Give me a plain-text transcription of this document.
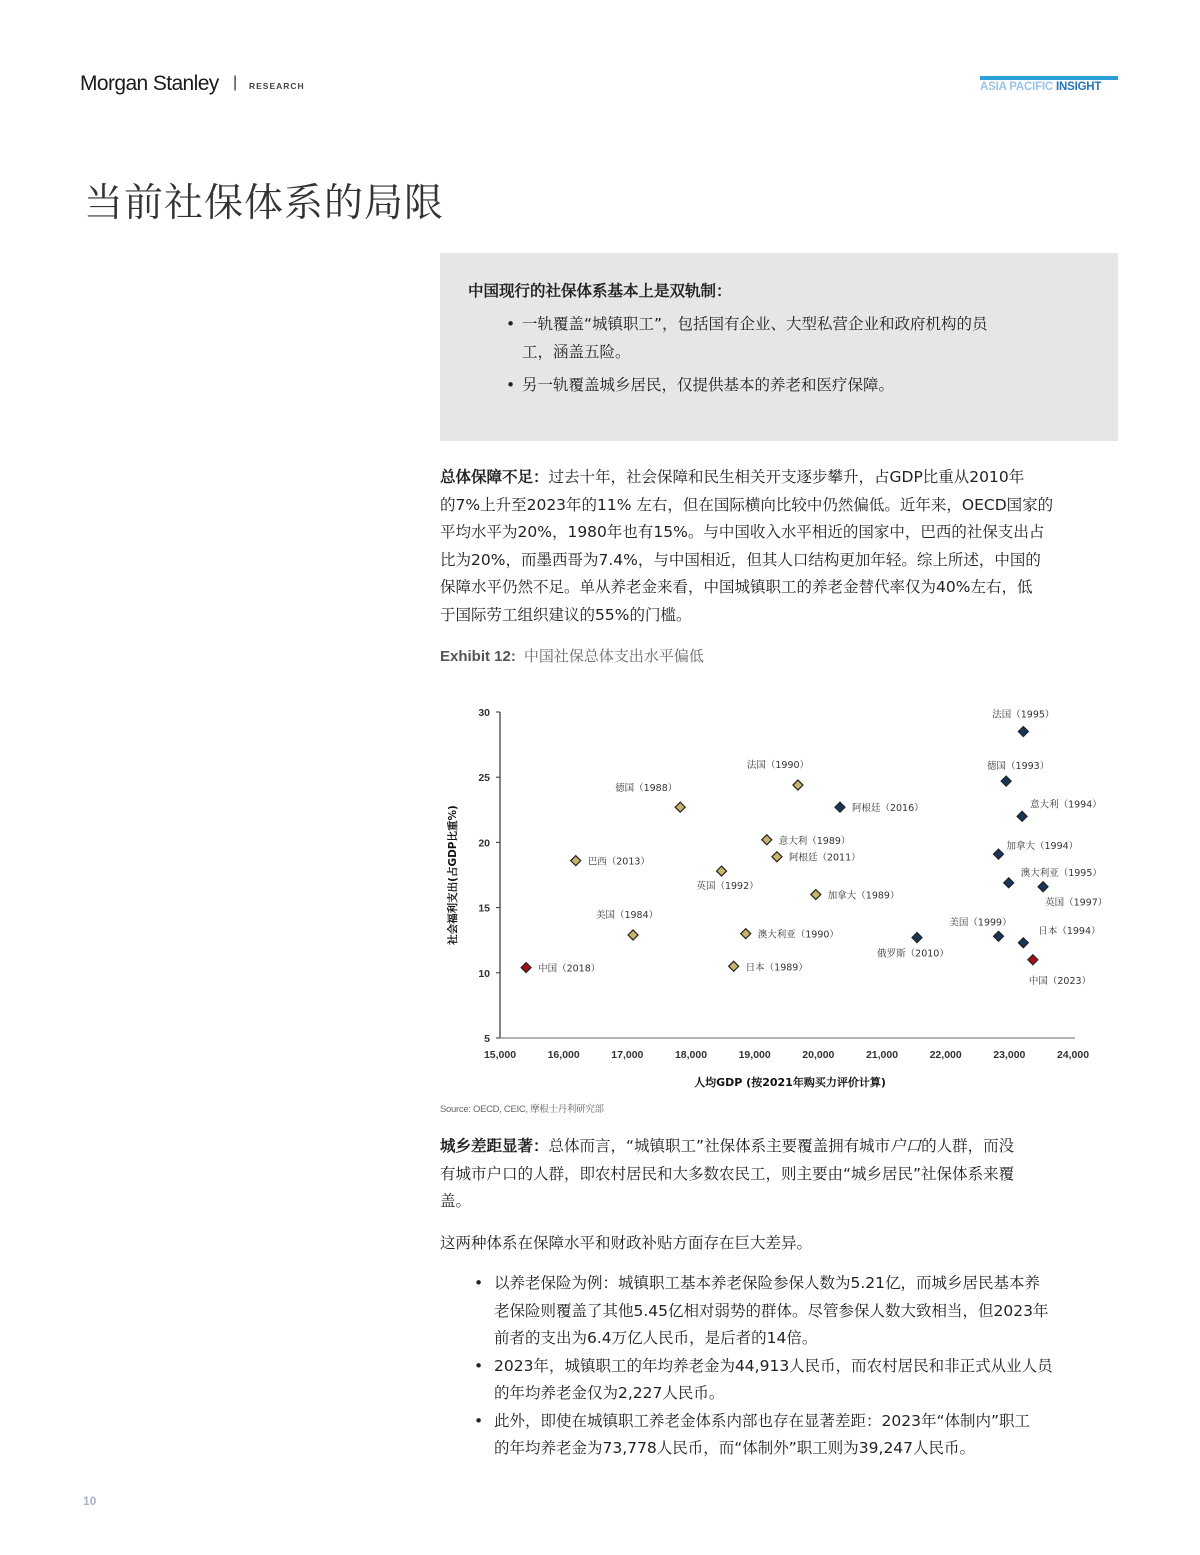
Morgan Stanley | RESEARCH	ASIA PACIFIC INSIGHT
当前社保体系的局限
中国现行的社保体系基本上是双轨制：
• 一轨覆盖“城镇职工”，包括国有企业、大型私营企业和政府机构的员
工，涵盖五险。
• 另一轨覆盖城乡居民，仅提供基本的养老和医疗保障。
总体保障不足：过去十年，社会保障和民生相关开支逐步攀升，占GDP比重从2010年
的7%上升至2023年的11% 左右，但在国际横向比较中仍然偏低。近年来，OECD国家的
平均水平为20%，1980年也有15%。与中国收入水平相近的国家中，巴西的社保支出占
比为20%，而墨西哥为7.4%，与中国相近，但其人口结构更加年轻。综上所述，中国的
保障水平仍然不足。单从养老金来看，中国城镇职工的养老金替代率仅为40%左右，低
于国际劳工组织建议的55%的门槛。
Exhibit 12: 中国社保总体支出水平偏低
5
10
15
20
25
30
15,000	16,000	17,000	18,000	19,000	20,000	21,000	22,000	23,000	24,000
巴西（2013）
美国（1984）
德国（1988）
英国（1992）
日本（1989）
澳大利亚（1990）
意大利（1989）
阿根廷（2011）
法国（1990）
加拿大（1989）
阿根廷（2016）
俄罗斯（2010）
美国（1999）
加拿大（1994）
德国（1993）
澳大利亚（1995）
意大利（1994）
法国（1995）
日本（1994）
英国（1997）
中国（2018）
中国（2023）
人均GDP (按2021年购买力评价计算)
社会福利支出(占GDP比重%)
Source: OECD, CEIC, 摩根士丹利研究部
城乡差距显著：总体而言，“城镇职工”社保体系主要覆盖拥有城市户口的人群，而没
有城市户口的人群，即农村居民和大多数农民工，则主要由“城乡居民”社保体系来覆
盖。
这两种体系在保障水平和财政补贴方面存在巨大差异。
• 以养老保险为例：城镇职工基本养老保险参保人数为5.21亿，而城乡居民基本养
老保险则覆盖了其他5.45亿相对弱势的群体。尽管参保人数大致相当，但2023年
前者的支出为6.4万亿人民币，是后者的14倍。
• 2023年，城镇职工的年均养老金为44,913人民币，而农村居民和非正式从业人员
的年均养老金仅为2,227人民币。
• 此外，即使在城镇职工养老金体系内部也存在显著差距：2023年“体制内”职工
的年均养老金为73,778人民币，而“体制外”职工则为39,247人民币。
10
